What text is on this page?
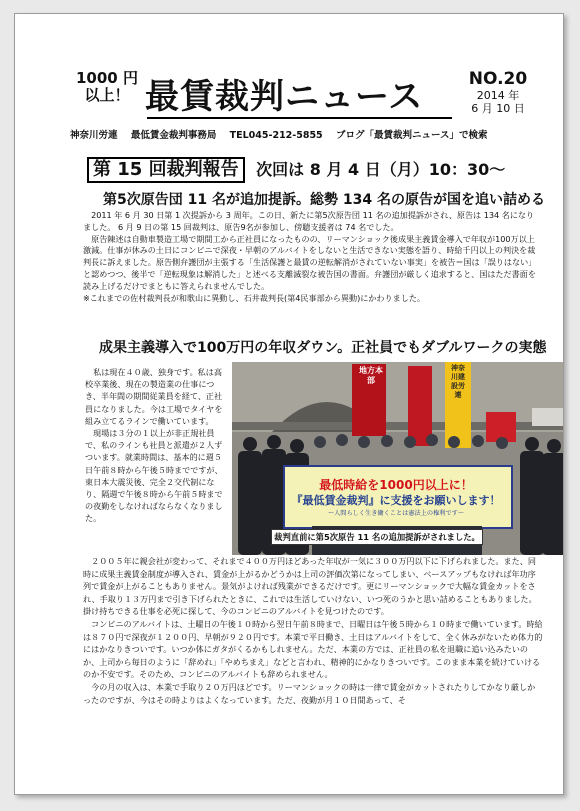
1000 円
以上！ 最賃裁判ニュース	NO.20
2014 年
6 月 10 日
神奈川労連 最低賃金裁判事務局 TEL045-212-5855 ブログ「最賃裁判ニュース」で検索
第 15 回裁判報告 次回は 8 月 4 日（月）10：30～
第5次原告団 11 名が追加提訴。総勢 134 名の原告が国を追い詰める

2011 年 6 月 30 日第 1 次提訴から 3 周年。この日、新たに第5次原告団 11 名の追加提訴がされ、原告は 134 名になりました。 6 月 9 日の第 15 回裁判は、原告9名が参加し、傍聴支援者は 74 名でした。

原告陳述は自動車製造工場で期間工から正社員になったものの、リーマンショック後成果主義賃金導入で年収が100万以上激減。仕事が休みの土日にコンビニで深夜・早朝のアルバイトをしないと生活できない実態を語り、時給千円以上の判決を裁判長に訴えました。原告側弁護団が主張する「生活保護と最賃の逆転解消がされていない事実」を被告＝国は「誤りはない」と認めつつ、後半で「逆転現象は解消した」と述べる支離滅裂な被告国の書面。弁護団が厳しく追求すると、国はただ書面を読み上げるだけでまともに答えられませんでした。

※これまでの佐村裁判長が和歌山に異動し、石井裁判長(第4民事部から異動)にかわりました。

成果主義導入で100万円の年収ダウン。正社員でもダブルワークの実態

私は現在４０歳、独身です。私は高校卒業後、現在の製造業の仕事につき、半年間の期間従業員を経て、正社員になりました。今は工場でタイヤを組み立てるラインで働いています。

現場は３分の１以上が非正規社員で、私のラインも社員と派遣が２人ずついます。就業時間は、基本的に週５日午前８時から午後５時までですが、東日本大震災後、完全２交代制になり、隔週で午後８時から午前５時までの夜勤をしなければならなくなりました。

地方本部
神奈川建設労連
最低時給を1000円以上に！
『最低賃金裁判』に支援をお願いします！
～人間らしく生き働くことは憲法上の権利です～
裁判直前に第5次原告 11 名の追加提訴がされました。

２００５年に親会社が変わって、それまで４００万円ほどあった年収が一気に３００万円以下に下げられました。また、同時に成果主義賃金制度が導入され、賃金が上がるかどうかは上司の評価次第になってしまい、ベースアップもなければ年功序列で賃金が上がることもありません。景気がよければ残業ができるだけです。更にリーマンショックで大幅な賃金カットをされ、手取り１３万円まで引き下げられたときに、これでは生活していけない、いつ死のうかと思い詰めることもありました。掛け持ちできる仕事を必死に探して、今のコンビニのアルバイトを見つけたのです。

コンビニのアルバイトは、土曜日の午後１０時から翌日午前８時まで、日曜日は午後５時から１０時まで働いています。時給は８７０円で深夜が１２００円、早朝が９２０円です。本業で平日働き、土日はアルバイトをして、全く休みがないため体力的にはかなりきついです。いつか体にガタがくるかもしれません。ただ、本業の方では、正社員の私を退職に追い込みたいのか、上司から毎日のように「辞めれ」「やめちまえ」などと言われ、精神的にかなりきついです。このまま本業を続けていけるのか不安です。そのため、コンビニのアルバイトも辞められません。

今の月の収入は、本業で手取り２０万円ほどです。リーマンショックの時は一律で賃金がカットされたりしてかなり厳しかったのですが、今はその時よりはよくなっています。ただ、夜勤が月１０日間あって、そ
